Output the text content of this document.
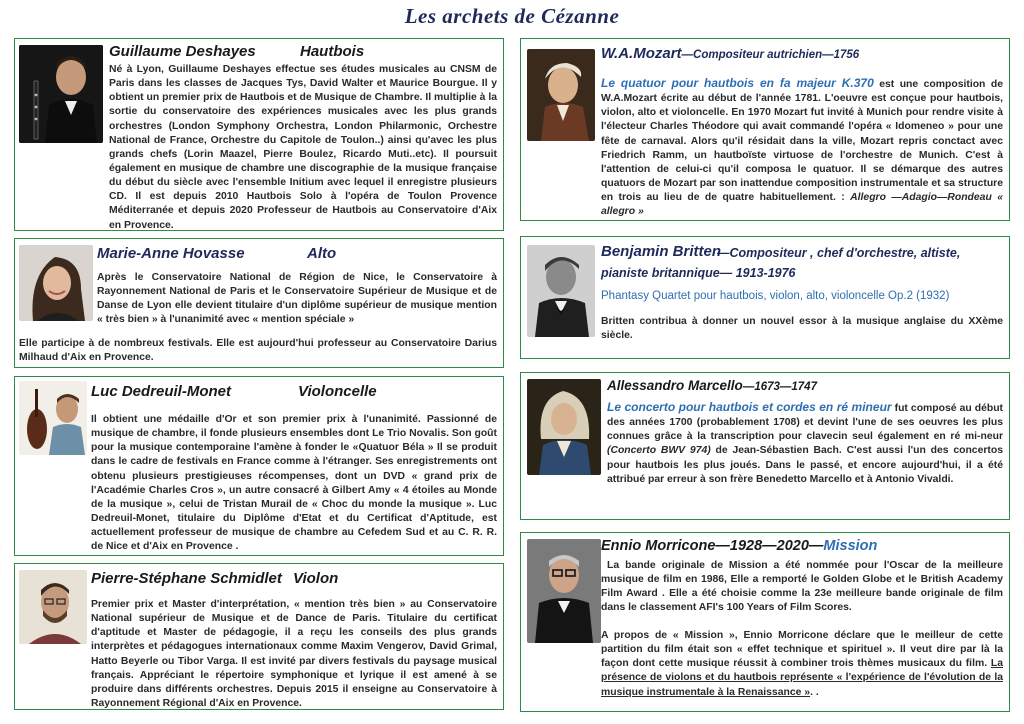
Les archets de Cézanne
Guillaume Deshayes	Hautbois

Né à Lyon, Guillaume Deshayes effectue ses études musicales au CNSM de Paris dans les classes de Jacques Tys, David Walter et Maurice Bourgue. Il y obtient un premier prix de Hautbois et de Musique de Chambre. Il multiplie à la sortie du conservatoire des expériences musicales avec les plus grands orchestres (London Symphony Orchestra, London Philarmonic, Orchestre National de France, Orchestre du Capitole de Toulon..) ainsi qu'avec les plus grands chefs (Lorin Maazel, Pierre Boulez, Ricardo Muti..etc). Il poursuit également en musique de chambre une discographie de la musique française du début du siècle avec l'ensemble Initium avec lequel il enregistre plusieurs CD. Il est depuis 2010 Hautbois Solo à l'opéra de Toulon Provence Méditerranée et depuis 2020 Professeur de Hautbois au Conservatoire d'Aix en Provence.

Marie-Anne Hovasse	Alto

Après le Conservatoire National de Région de Nice, le Conservatoire à Rayonnement National de Paris et le Conservatoire Supérieur de Musique et de Danse de Lyon elle devient titulaire d'un diplôme supérieur de musique mention « très bien » à l'unanimité avec « mention spéciale »

Elle participe à de nombreux festivals. Elle est aujourd'hui professeur au Conservatoire Darius Milhaud d'Aix en Provence.

Luc Dedreuil-Monet	Violoncelle

Il obtient une médaille d'Or et son premier prix à l'unanimité. Passionné de musique de chambre, il fonde plusieurs ensembles dont Le Trio Novalis. Son goût pour la musique contemporaine l'amène à fonder le «Quatuor Béla » Il se produit dans le cadre de festivals en France comme à l'étranger. Ses enregistrements ont obtenu plusieurs prestigieuses récompenses, dont un DVD « grand prix de l'Académie Charles Cros », un autre consacré à Gilbert Amy « 4 étoiles au Monde de la musique », celui de Tristan Murail de « Choc du monde la musique ». Luc Dedreuil-Monet, titulaire du Diplôme d'Etat et du Certificat d'Aptitude, est actuellement professeur de musique de chambre au Cefedem Sud et au C. R. R. de Nice et d'Aix en Provence .

Pierre-Stéphane Schmidlet Violon

Premier prix et Master d'interprétation, « mention très bien » au Conservatoire National supérieur de Musique et de Dance de Paris. Titulaire du certificat d'aptitude et Master de pédagogie, il a reçu les conseils des plus grands interprètes et pédagogues internationaux comme Maxim Vengerov, David Grimal, Hatto Beyerle ou Tibor Varga. Il est invité par divers festivals du paysage musical français. Appréciant le répertoire symphonique et lyrique il est amené à se produire dans différents orchestres. Depuis 2015 il enseigne au Conservatoire à Rayonnement Régional d'Aix en Provence.

W.A.Mozart—Compositeur autrichien—1756

Le quatuor pour hautbois en fa majeur K.370 est une composition de W.A.Mozart écrite au début de l'année 1781. L'oeuvre est conçue pour hautbois, violon, alto et violoncelle. En 1970 Mozart fut invité à Munich pour rendre visite à l'électeur Charles Théodore qui avait commandé l'opéra « Idomeneo » pour une fête de carnaval. Alors qu'il résidait dans la ville, Mozart repris conctact avec Friedrich Ramm, un hautboïste virtuose de l'orchestre de Munich. C'est à l'attention de celui-ci qu'il composa le quatuor. Il se démarque des autres quatuors de Mozart par son inattendue composition instrumentale et sa structure en trois au lieu de de quatre habituellement. : Allegro —Adagio—Rondeau « allegro »

Benjamin Britten
—Compositeur , chef d'orchestre, altiste, pianiste britannique— 1913-1976

Phantasy Quartet pour hautbois, violon, alto, violoncelle Op.2 (1932)

Britten contribua à donner un nouvel essor à la musique anglaise du XXème siècle.

Allessandro Marcello—1673—1747

Le concerto pour hautbois et cordes en ré mineur fut composé au début des années 1700 (probablement 1708) et devint l'une de ses oeuvres les plus connues grâce à la transcription pour clavecin seul également en ré mi-neur (Concerto BWV 974) de Jean-Sébastien Bach. C'est aussi l'un des concertos pour hautbois les plus joués. Dans le passé, et encore aujourd'hui, il a été attribué par erreur à son frère Benedetto Marcello et à Antonio Vivaldi.

Ennio Morricone—1928—2020—Mission

La bande originale de Mission a été nommée pour l'Oscar de la meilleure musique de film en 1986, Elle a remporté le Golden Globe et le British Academy Film Award . Elle a été choisie comme la 23e meilleure bande originale de film dans le classement AFI's 100 Years of Film Scores.

A propos de « Mission », Ennio Morricone déclare que le meilleur de cette partition du film était son « effet technique et spirituel ». Il veut dire par là la façon dont cette musique réussit à combiner trois thèmes musicaux du film. La présence de violons et du hautbois représente « l'expérience de l'évolution de la musique instrumentale à la Renaissance ». .
